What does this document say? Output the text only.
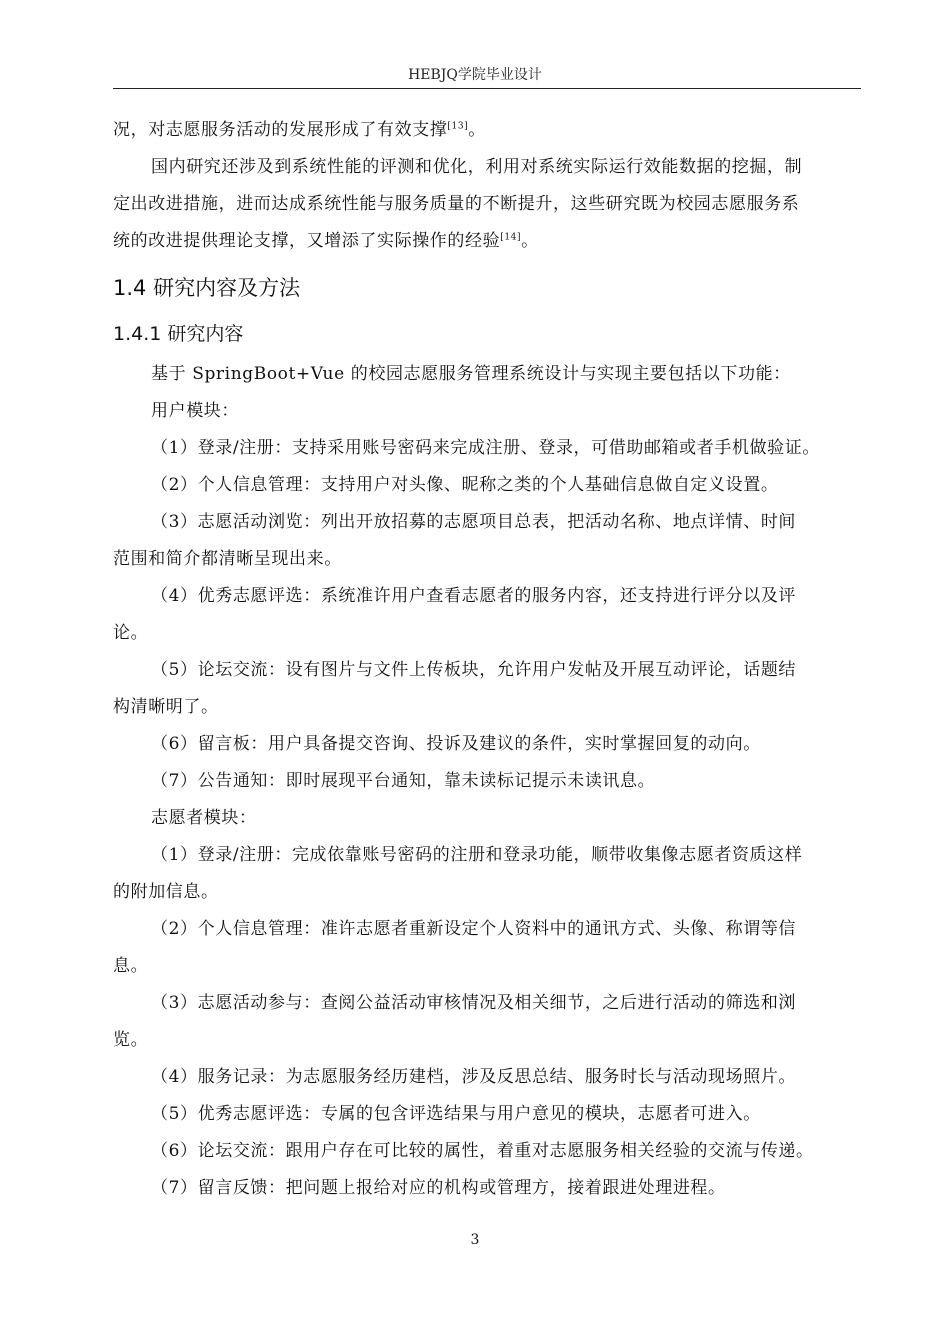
HEBJQ学院毕业设计

况，对志愿服务活动的发展形成了有效支撑[13]。

国内研究还涉及到系统性能的评测和优化，利用对系统实际运行效能数据的挖掘，制

定出改进措施，进而达成系统性能与服务质量的不断提升，这些研究既为校园志愿服务系

统的改进提供理论支撑，又增添了实际操作的经验[14]。

1.4 研究内容及方法
1.4.1 研究内容

基于 SpringBoot+Vue 的校园志愿服务管理系统设计与实现主要包括以下功能：

用户模块：

（1）登录/注册：支持采用账号密码来完成注册、登录，可借助邮箱或者手机做验证。

（2）个人信息管理：支持用户对头像、昵称之类的个人基础信息做自定义设置。

（3）志愿活动浏览：列出开放招募的志愿项目总表，把活动名称、地点详情、时间

范围和简介都清晰呈现出来。

（4）优秀志愿评选：系统准许用户查看志愿者的服务内容，还支持进行评分以及评

论。

（5）论坛交流：设有图片与文件上传板块，允许用户发帖及开展互动评论，话题结

构清晰明了。

（6）留言板：用户具备提交咨询、投诉及建议的条件，实时掌握回复的动向。

（7）公告通知：即时展现平台通知，靠未读标记提示未读讯息。

志愿者模块：

（1）登录/注册：完成依靠账号密码的注册和登录功能，顺带收集像志愿者资质这样

的附加信息。

（2）个人信息管理：准许志愿者重新设定个人资料中的通讯方式、头像、称谓等信

息。

（3）志愿活动参与：查阅公益活动审核情况及相关细节，之后进行活动的筛选和浏

览。

（4）服务记录：为志愿服务经历建档，涉及反思总结、服务时长与活动现场照片。

（5）优秀志愿评选：专属的包含评选结果与用户意见的模块，志愿者可进入。

（6）论坛交流：跟用户存在可比较的属性，着重对志愿服务相关经验的交流与传递。

（7）留言反馈：把问题上报给对应的机构或管理方，接着跟进处理进程。

3
